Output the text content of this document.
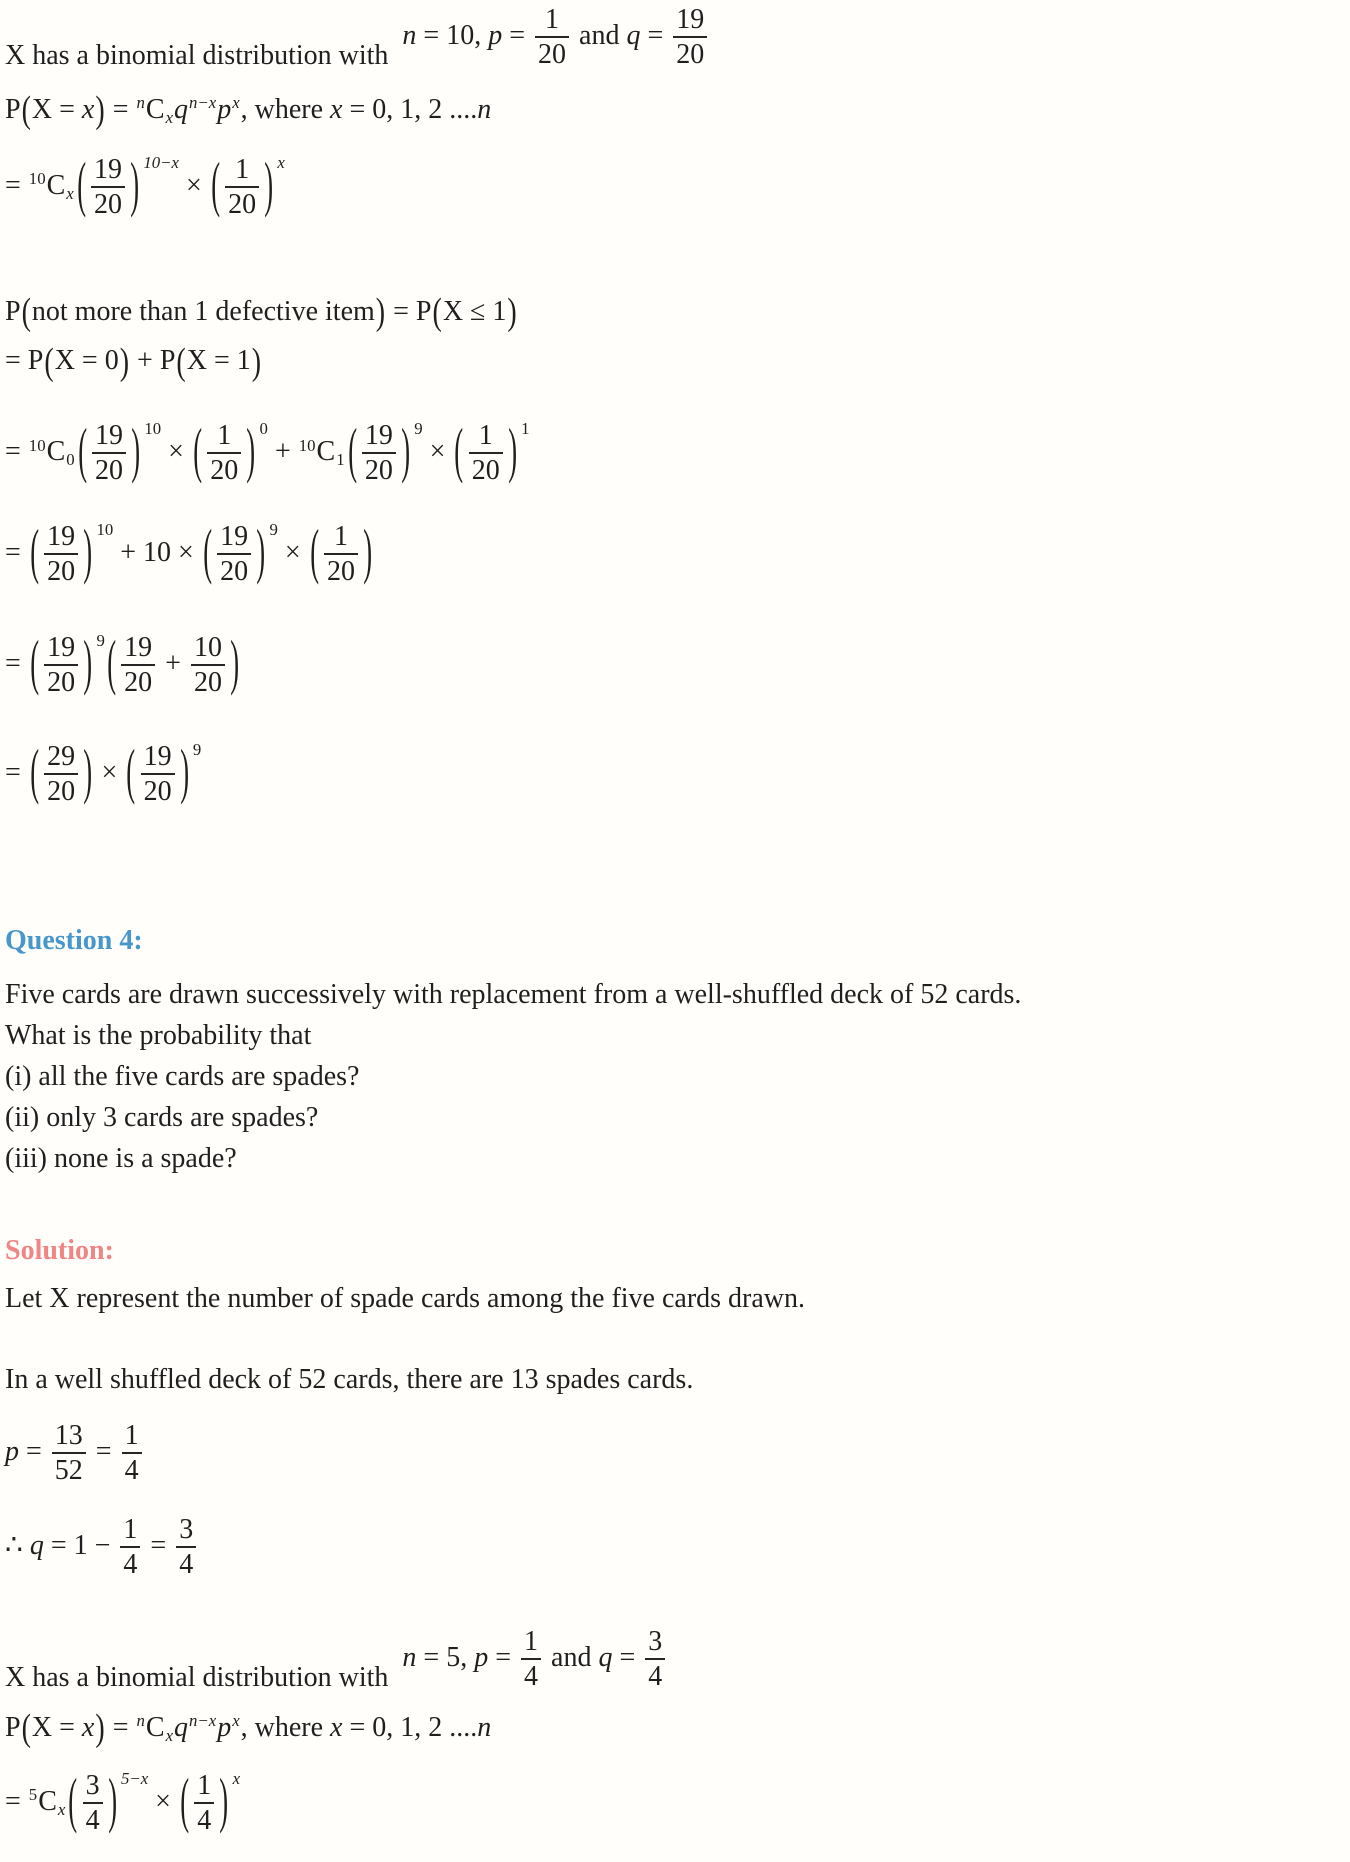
X has a binomial distribution with
n = 10, $p = \frac{1}{20}$ and $q = \frac{19}{20}$
$P(X = x) = ^nCxq^{n-x}p^x$, where x = 0, 1, 2 ....n
= $^{10}$Cx ( $\frac{19}{20}$ ) $^{10-x}$ × ( $\frac{1}{20}$ ) $^x$
P(not more than 1 defective item) = P(X ≤ 1)
= P(X = 0) + P(X = 1)
= $^{10}$C0 ( $\frac{19}{20}$ ) $^{10}$ × ( $\frac{1}{20}$ ) $^0$ + $^{10}$C1 ( $\frac{19}{20}$ ) $^9$ × ( $\frac{1}{20}$ ) $^1$
= ( $\frac{19}{20}$ ) $^{10}$ + 10 × ( $\frac{19}{20}$ ) $^9$ × ( $\frac{1}{20}$ )
= ( $\frac{19}{20}$ ) $^9( \frac{19}{20} + \frac{10}{20}$ )
= ( $\frac{29}{20}$ ) × ( $\frac{19}{20}$ ) $^9$
Question 4:
Five cards are drawn successively with replacement from a well-shuffled deck of 52 cards.
What is the probability that
(i) all the five cards are spades?
(ii) only 3 cards are spades?
(iii) none is a spade?
Solution:
Let X represent the number of spade cards among the five cards drawn.
In a well shuffled deck of 52 cards, there are 13 spades cards.
$p = \frac{13}{52} = \frac{1}{4}$
∴ $q = 1 - \frac{1}{4} = \frac{3}{4}$
X has a binomial distribution with
n = 5, $p = \frac{1}{4}$ and $q = \frac{3}{4}$
$P(X = x) = ^nCxq^{n-x}p^x$, where x = 0, 1, 2 ....n
= $^5$Cx ( $\frac{3}{4}$ ) $^{5-x}$ × ( $\frac{1}{4}$ ) $^x$
